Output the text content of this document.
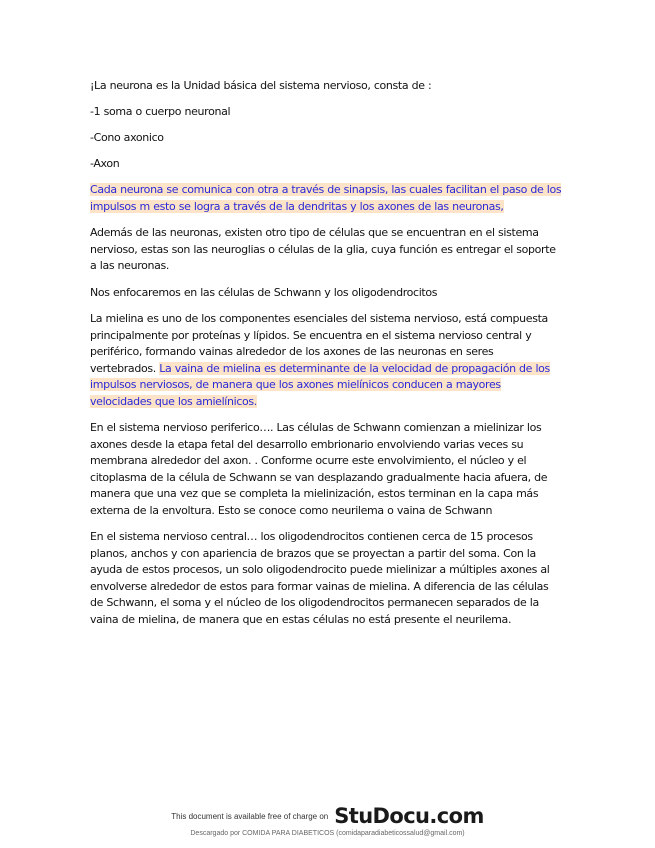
¡La neurona es la Unidad básica del sistema nervioso, consta de :

-1 soma o cuerpo neuronal

-Cono axonico

-Axon

Cada neurona se comunica con otra a través de sinapsis, las cuales facilitan el paso de los impulsos m esto se logra a través de la dendritas y los axones de las neuronas,

Además de las neuronas, existen otro tipo de células que se encuentran en el sistema nervioso, estas son las neuroglias o células de la glia, cuya función es entregar el soporte a las neuronas.

Nos enfocaremos en las células de Schwann y los oligodendrocitos

La mielina es uno de los componentes esenciales del sistema nervioso, está compuesta principalmente por proteínas y lípidos. Se encuentra en el sistema nervioso central y periférico, formando vainas alrededor de los axones de las neuronas en seres vertebrados. La vaina de mielina es determinante de la velocidad de propagación de los impulsos nerviosos, de manera que los axones mielínicos conducen a mayores velocidades que los amielínicos.

En el sistema nervioso periferico…. Las células de Schwann comienzan a mielinizar los axones desde la etapa fetal del desarrollo embrionario envolviendo varias veces su membrana alrededor del axon. . Conforme ocurre este envolvimiento, el núcleo y el citoplasma de la célula de Schwann se van desplazando gradualmente hacia afuera, de manera que una vez que se completa la mielinización, estos terminan en la capa más externa de la envoltura. Esto se conoce como neurilema o vaina de Schwann

En el sistema nervioso central… los oligodendrocitos contienen cerca de 15 procesos planos, anchos y con apariencia de brazos que se proyectan a partir del soma. Con la ayuda de estos procesos, un solo oligodendrocito puede mielinizar a múltiples axones al envolverse alrededor de estos para formar vainas de mielina. A diferencia de las células de Schwann, el soma y el núcleo de los oligodendrocitos permanecen separados de la vaina de mielina, de manera que en estas células no está presente el neurilema.

This document is available free of charge on StuDocu.com
Descargado por COMIDA PARA DIABETICOS (comidaparadiabeticossalud@gmail.com)
